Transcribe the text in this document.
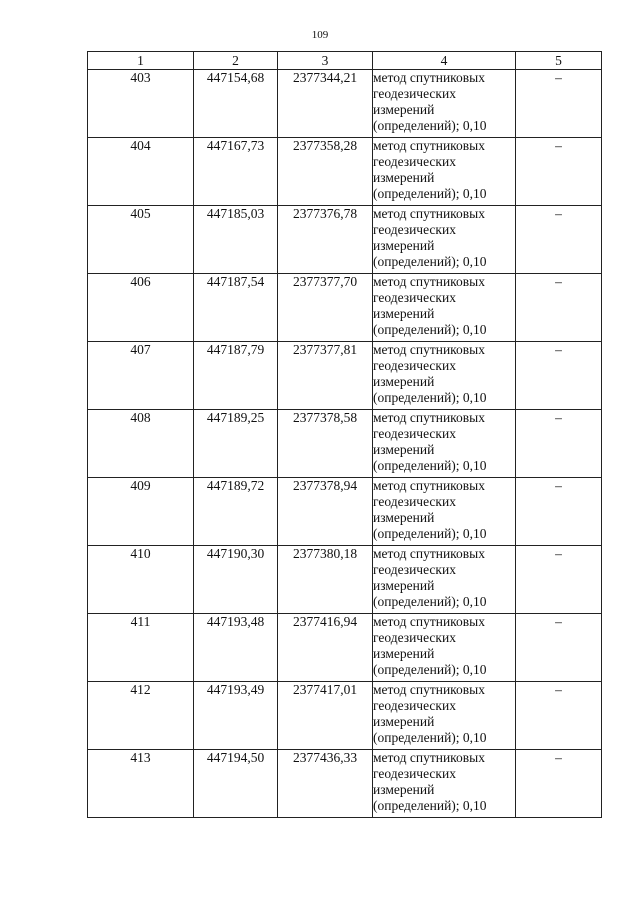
109
1	2	3	4	5
403	447154,68	2377344,21	метод спутниковых
геодезических
измерений
(определений); 0,10	–
404	447167,73	2377358,28	метод спутниковых
геодезических
измерений
(определений); 0,10	–
405	447185,03	2377376,78	метод спутниковых
геодезических
измерений
(определений); 0,10	–
406	447187,54	2377377,70	метод спутниковых
геодезических
измерений
(определений); 0,10	–
407	447187,79	2377377,81	метод спутниковых
геодезических
измерений
(определений); 0,10	–
408	447189,25	2377378,58	метод спутниковых
геодезических
измерений
(определений); 0,10	–
409	447189,72	2377378,94	метод спутниковых
геодезических
измерений
(определений); 0,10	–
410	447190,30	2377380,18	метод спутниковых
геодезических
измерений
(определений); 0,10	–
411	447193,48	2377416,94	метод спутниковых
геодезических
измерений
(определений); 0,10	–
412	447193,49	2377417,01	метод спутниковых
геодезических
измерений
(определений); 0,10	–
413	447194,50	2377436,33	метод спутниковых
геодезических
измерений
(определений); 0,10	–
